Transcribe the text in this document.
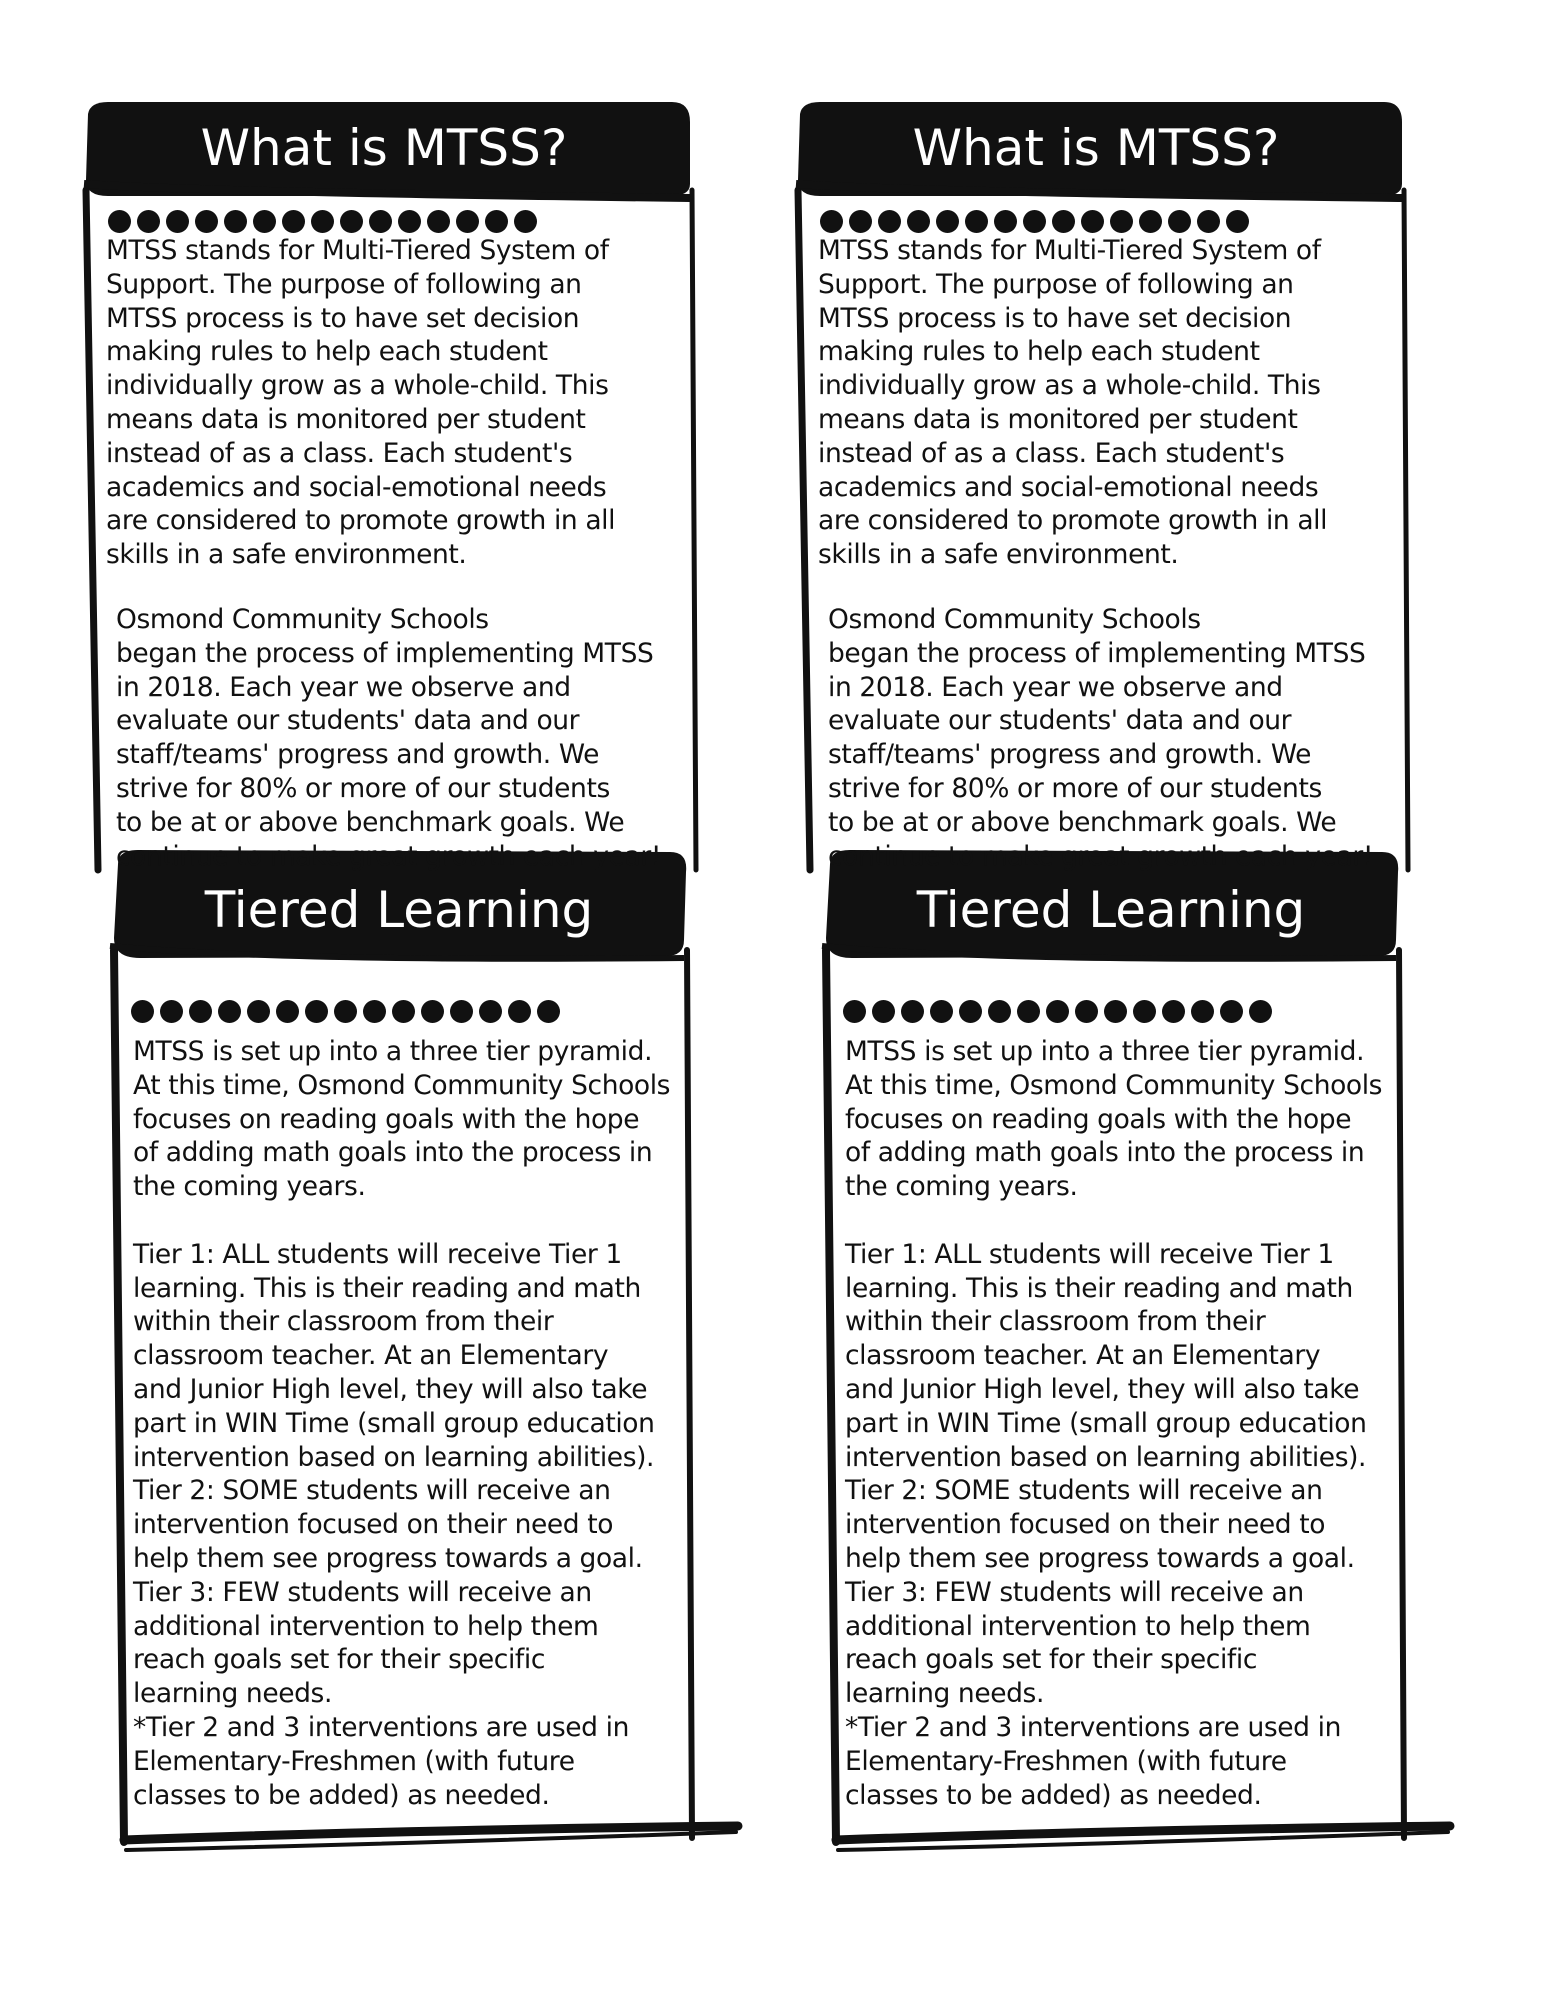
What is MTSS?
MTSS stands for Multi-Tiered System of
Support. The purpose of following an
MTSS process is to have set decision
making rules to help each student
individually grow as a whole-child. This
means data is monitored per student
instead of as a class. Each student's
academics and social-emotional needs
are considered to promote growth in all
skills in a safe environment.
Osmond Community Schools
began the process of implementing MTSS
in 2018. Each year we observe and
evaluate our students' data and our
staff/teams' progress and growth. We
strive for 80% or more of our students
to be at or above benchmark goals. We
continue to make great growth each year!
Tiered Learning
MTSS is set up into a three tier pyramid.
At this time, Osmond Community Schools
focuses on reading goals with the hope
of adding math goals into the process in
the coming years.

Tier 1: ALL students will receive Tier 1
learning. This is their reading and math
within their classroom from their
classroom teacher. At an Elementary
and Junior High level, they will also take
part in WIN Time (small group education
intervention based on learning abilities).
Tier 2: SOME students will receive an
intervention focused on their need to
help them see progress towards a goal.
Tier 3: FEW students will receive an
additional intervention to help them
reach goals set for their specific
learning needs.
*Tier 2 and 3 interventions are used in
Elementary-Freshmen (with future
classes to be added) as needed.
What is MTSS?
MTSS stands for Multi-Tiered System of
Support. The purpose of following an
MTSS process is to have set decision
making rules to help each student
individually grow as a whole-child. This
means data is monitored per student
instead of as a class. Each student's
academics and social-emotional needs
are considered to promote growth in all
skills in a safe environment.
Osmond Community Schools
began the process of implementing MTSS
in 2018. Each year we observe and
evaluate our students' data and our
staff/teams' progress and growth. We
strive for 80% or more of our students
to be at or above benchmark goals. We
continue to make great growth each year!
Tiered Learning
MTSS is set up into a three tier pyramid.
At this time, Osmond Community Schools
focuses on reading goals with the hope
of adding math goals into the process in
the coming years.

Tier 1: ALL students will receive Tier 1
learning. This is their reading and math
within their classroom from their
classroom teacher. At an Elementary
and Junior High level, they will also take
part in WIN Time (small group education
intervention based on learning abilities).
Tier 2: SOME students will receive an
intervention focused on their need to
help them see progress towards a goal.
Tier 3: FEW students will receive an
additional intervention to help them
reach goals set for their specific
learning needs.
*Tier 2 and 3 interventions are used in
Elementary-Freshmen (with future
classes to be added) as needed.
